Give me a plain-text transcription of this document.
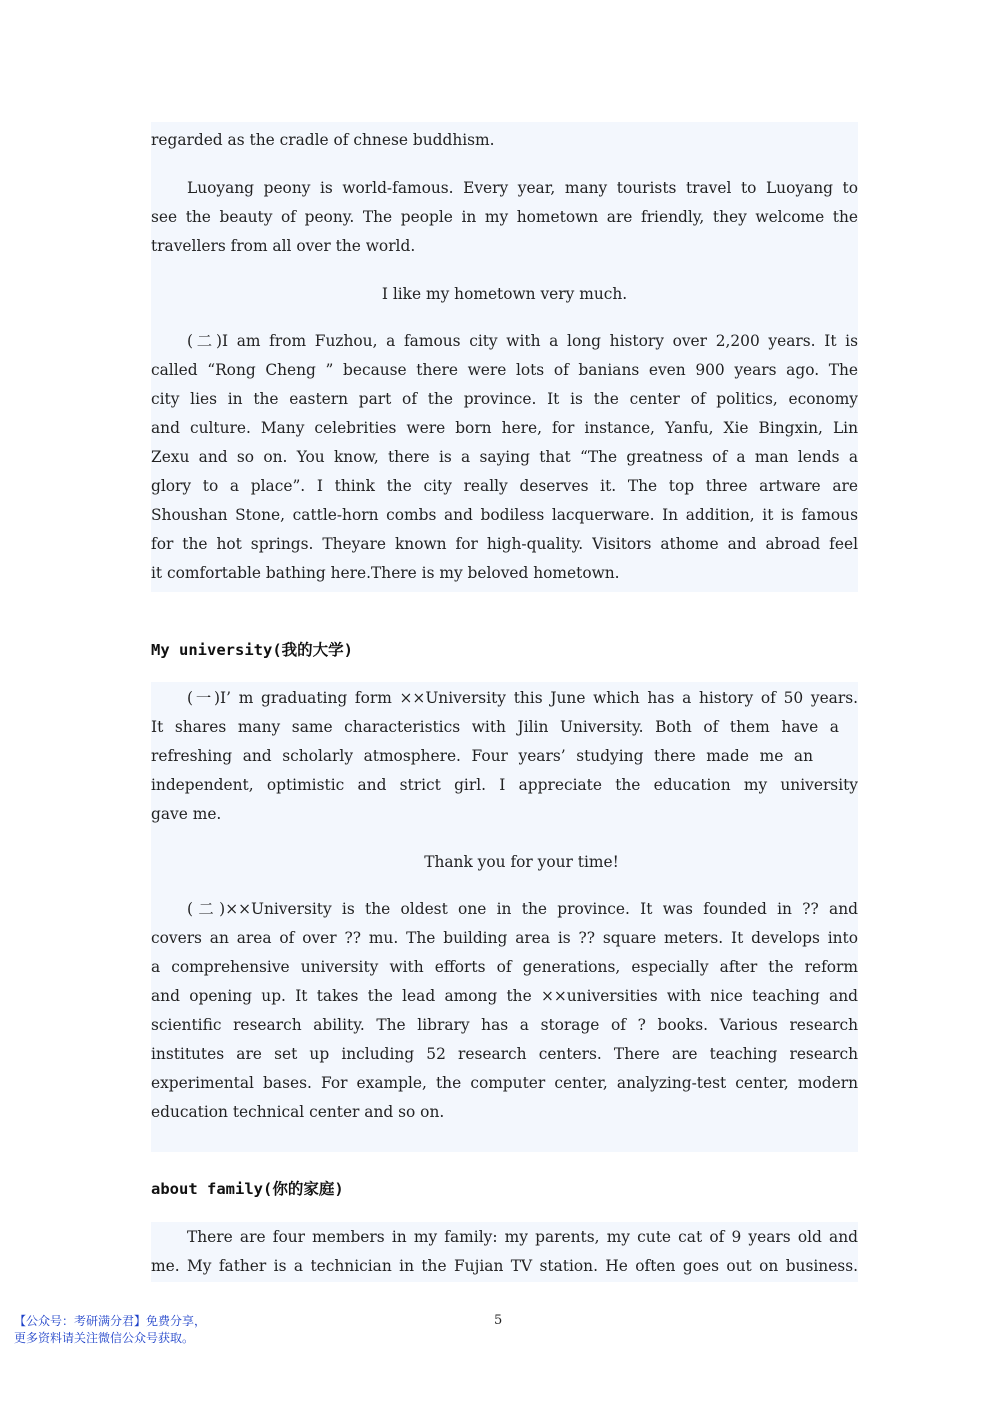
regarded as the cradle of chnese buddhism.
Luoyang peony is world-famous. Every year, many tourists travel to Luoyang to
see the beauty of peony. The people in my hometown are friendly, they welcome the
travellers from all over the world.
I like my hometown very much.
(二)I am from Fuzhou, a famous city with a long history over 2,200 years. It is
called “Rong Cheng ” because there were lots of banians even 900 years ago. The
city lies in the eastern part of the province. It is the center of politics, economy
and culture. Many celebrities were born here, for instance, Yanfu, Xie Bingxin, Lin
Zexu and so on. You know, there is a saying that “The greatness of a man lends a
glory to a place”. I think the city really deserves it. The top three artware are
Shoushan Stone, cattle-horn combs and bodiless lacquerware. In addition, it is famous
for the hot springs. Theyare known for high-quality. Visitors athome and abroad feel
it comfortable bathing here.There is my beloved hometown.
My university(我的大学)
(一)I’ m graduating form ××University this June which has a history of 50 years.
It shares many same characteristics with Jilin University. Both of them have a
refreshing and scholarly atmosphere. Four years’ studying there made me an
independent, optimistic and strict girl. I appreciate the education my university
gave me.
Thank you for your time!
(二)××University is the oldest one in the province. It was founded in ?? and
covers an area of over ?? mu. The building area is ?? square meters. It develops into
a comprehensive university with efforts of generations, especially after the reform
and opening up. It takes the lead among the ××universities with nice teaching and
scientific research ability. The library has a storage of ? books. Various research
institutes are set up including 52 research centers. There are teaching research
experimental bases. For example, the computer center, analyzing-test center, modern
education technical center and so on.
about family(你的家庭)
There are four members in my family: my parents, my cute cat of 9 years old and
me. My father is a technician in the Fujian TV station. He often goes out on business.
【公众号：考研满分君】免费分享，
更多资料请关注微信公众号获取。
5
